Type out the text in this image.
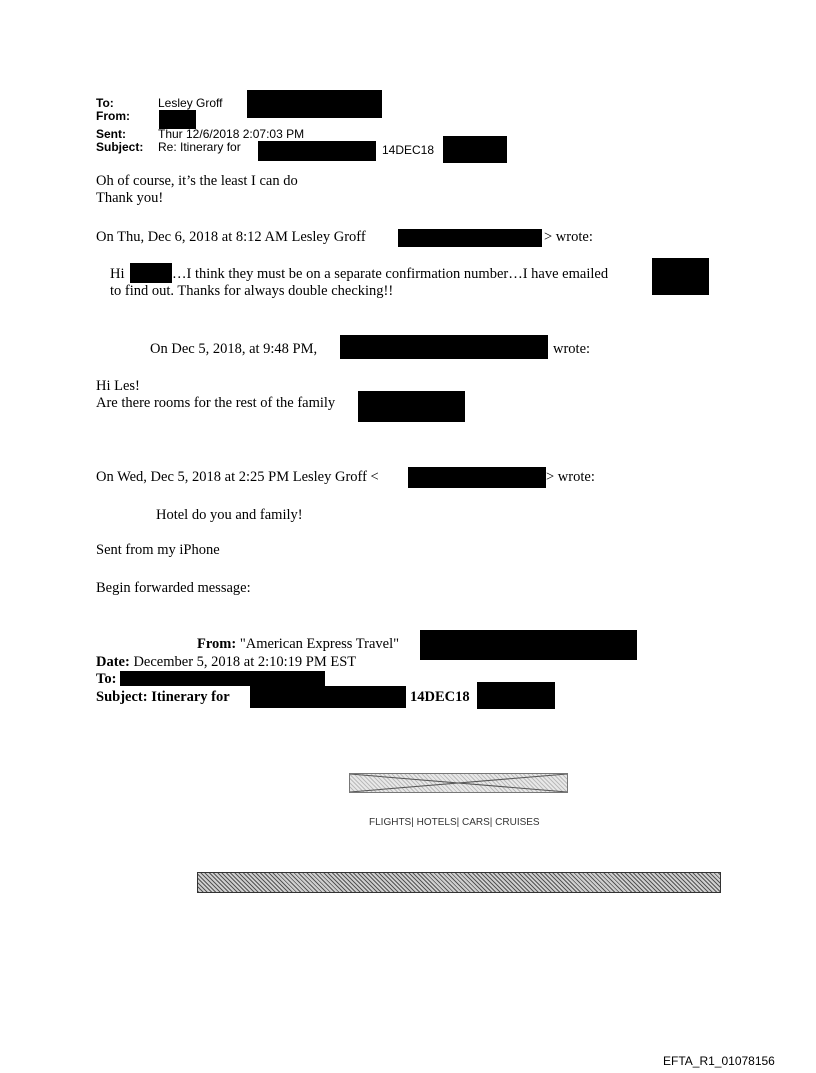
To:	Lesley Groff
From:
Sent:	Thur 12/6/2018 2:07:03 PM
Subject: Re: Itinerary for	14DEC18
Oh of course, it’s the least I can do
Thank you!
On Thu, Dec 6, 2018 at 8:12 AM Lesley Groff	> wrote:
Hi	…I think they must be on a separate confirmation number…I have emailed
to find out. Thanks for always double checking!!
On Dec 5, 2018, at 9:48 PM,	wrote:
Hi Les!
Are there rooms for the rest of the family
On Wed, Dec 5, 2018 at 2:25 PM Lesley Groff <	> wrote:
Hotel do you and family!
Sent from my iPhone
Begin forwarded message:
From: "American Express Travel"
Date: December 5, 2018 at 2:10:19 PM EST
To:
Subject: Itinerary for	14DEC18
FLIGHTS| HOTELS| CARS| CRUISES
EFTA_R1_01078156
